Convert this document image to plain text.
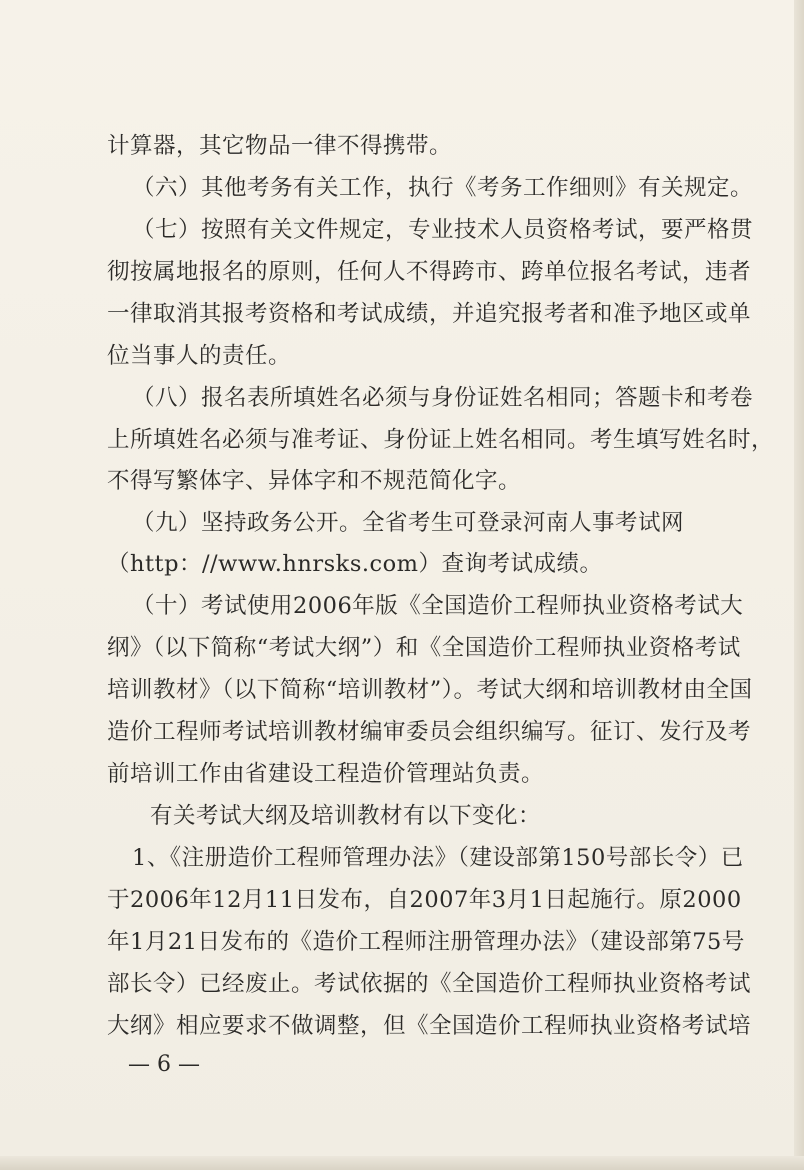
计算器，其它物品一律不得携带。

（六）其他考务有关工作，执行《考务工作细则》有关规定。

（七）按照有关文件规定，专业技术人员资格考试，要严格贯

彻按属地报名的原则，任何人不得跨市、跨单位报名考试，违者

一律取消其报考资格和考试成绩，并追究报考者和准予地区或单

位当事人的责任。

（八）报名表所填姓名必须与身份证姓名相同；答题卡和考卷

上所填姓名必须与准考证、身份证上姓名相同。考生填写姓名时，

不得写繁体字、异体字和不规范简化字。

（九）坚持政务公开。全省考生可登录河南人事考试网

（http：//www.hnrsks.com）查询考试成绩。

（十）考试使用2006年版《全国造价工程师执业资格考试大

纲》（以下简称“考试大纲”）和《全国造价工程师执业资格考试

培训教材》（以下简称“培训教材”）。考试大纲和培训教材由全国

造价工程师考试培训教材编审委员会组织编写。征订、发行及考

前培训工作由省建设工程造价管理站负责。

有关考试大纲及培训教材有以下变化：

1、《注册造价工程师管理办法》（建设部第150号部长令）已

于2006年12月11日发布，自2007年3月1日起施行。原2000

年1月21日发布的《造价工程师注册管理办法》（建设部第75号

部长令）已经废止。考试依据的《全国造价工程师执业资格考试

大纲》相应要求不做调整，但《全国造价工程师执业资格考试培

— 6 —
